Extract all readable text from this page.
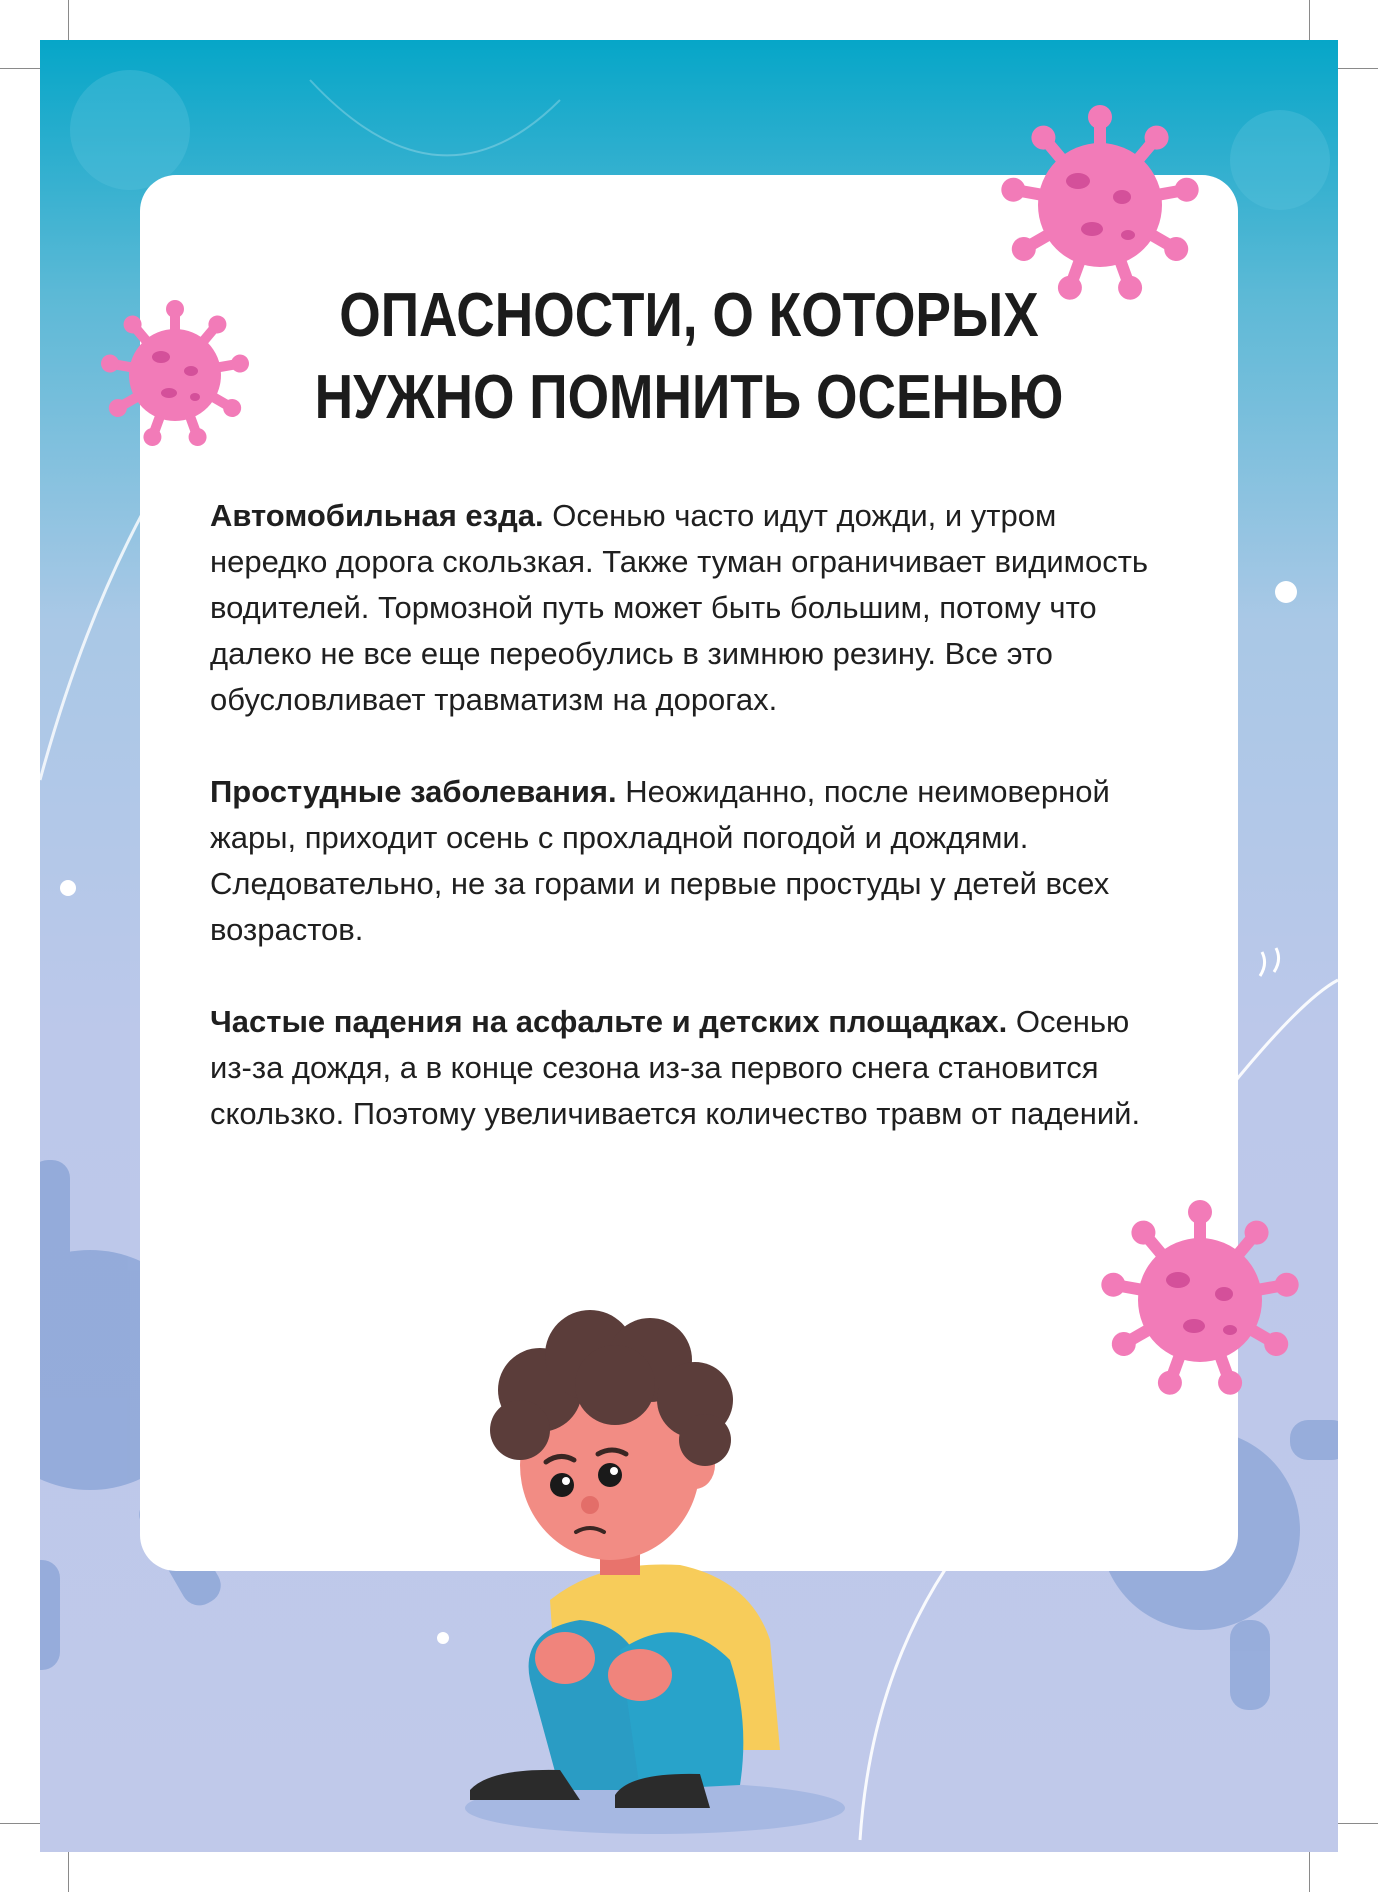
ОПАСНОСТИ, О КОТОРЫХ
НУЖНО ПОМНИТЬ ОСЕНЬЮ

Автомобильная езда. Осенью часто идут дожди, и утром нередко дорога скользкая. Также туман ограничивает видимость водителей. Тормозной путь может быть большим, потому что далеко не все еще переобулись в зимнюю резину. Все это обусловливает травматизм на дорогах.

Простудные заболевания. Неожиданно, после неимоверной жары, приходит осень с прохладной погодой и дождями. Следовательно, не за горами и первые простуды у детей всех возрастов.

Частые падения на асфальте и детских площадках. Осенью из-за дождя, а в конце сезона из-за первого снега становится скользко. Поэтому увеличивается количество травм от падений.
